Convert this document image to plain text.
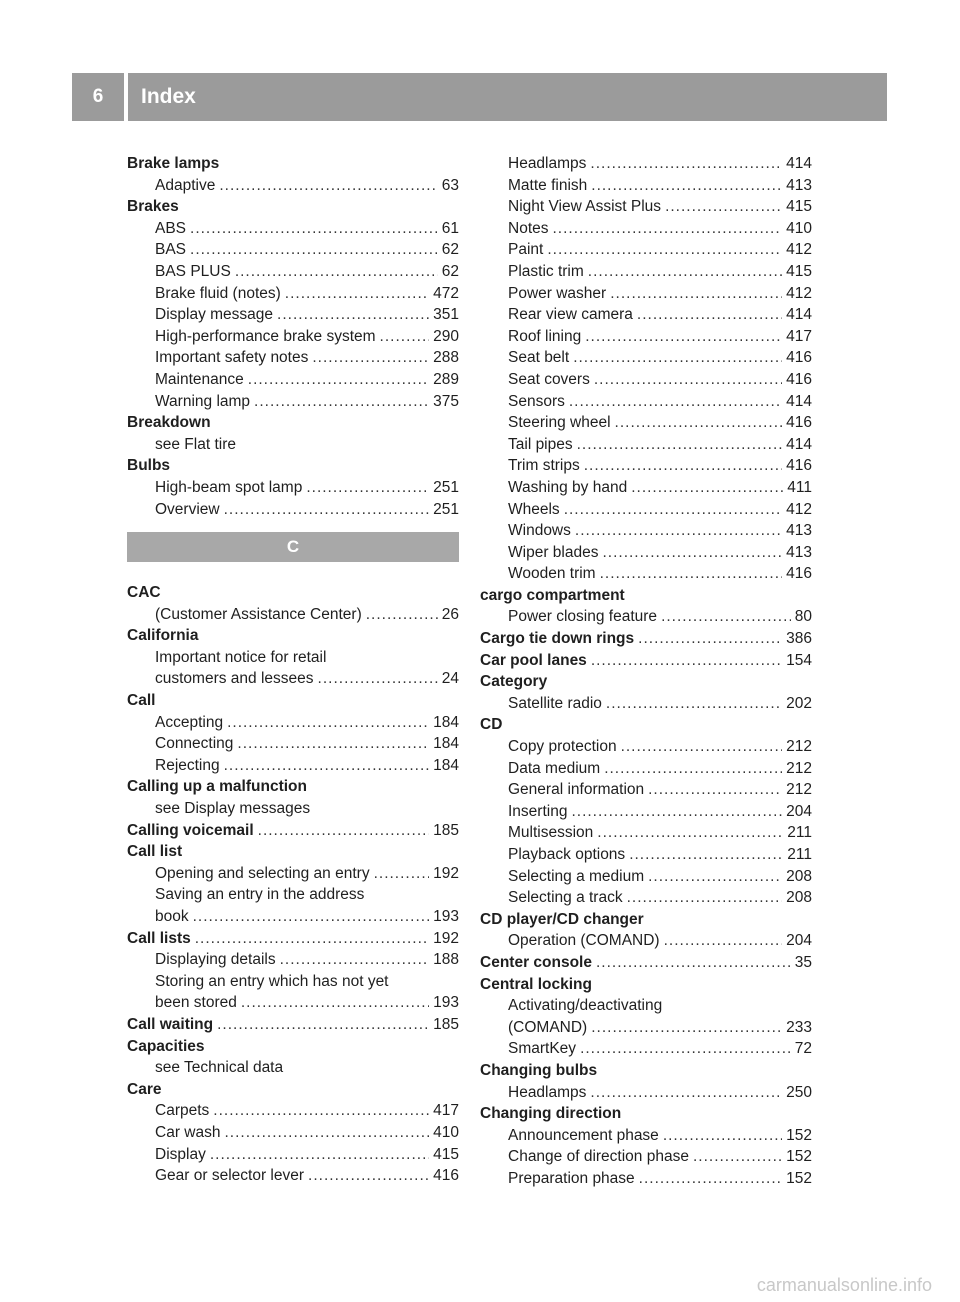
6	Index
Brake lamps
Adaptive .....	63
Brakes
ABS .....	61
BAS .....	62
BAS PLUS .....	62
Brake fluid (notes) .....	472
Display message .....	351
High-performance brake system .....	290
Important safety notes .....	288
Maintenance .....	289
Warning lamp .....	375
Breakdown
see Flat tire
Bulbs
High-beam spot lamp .....	251
Overview .....	251
C
CAC
(Customer Assistance Center) .....	26
California
Important notice for retail
customers and lessees .....	24
Call
Accepting .....	184
Connecting .....	184
Rejecting .....	184
Calling up a malfunction
see Display messages
Calling voicemail .....	185
Call list
Opening and selecting an entry .....	192
Saving an entry in the address
book .....	193
Call lists .....	192
Displaying details .....	188
Storing an entry which has not yet
been stored .....	193
Call waiting .....	185
Capacities
see Technical data
Care
Carpets .....	417
Car wash .....	410
Display .....	415
Gear or selector lever .....	416
Headlamps .....	414
Matte finish .....	413
Night View Assist Plus .....	415
Notes .....	410
Paint .....	412
Plastic trim .....	415
Power washer .....	412
Rear view camera .....	414
Roof lining .....	417
Seat belt .....	416
Seat covers .....	416
Sensors .....	414
Steering wheel .....	416
Tail pipes .....	414
Trim strips .....	416
Washing by hand .....	411
Wheels .....	412
Windows .....	413
Wiper blades .....	413
Wooden trim .....	416
cargo compartment
Power closing feature .....	80
Cargo tie down rings .....	386
Car pool lanes .....	154
Category
Satellite radio .....	202
CD
Copy protection .....	212
Data medium .....	212
General information .....	212
Inserting .....	204
Multisession .....	211
Playback options .....	211
Selecting a medium .....	208
Selecting a track .....	208
CD player/CD changer
Operation (COMAND) .....	204
Center console .....	35
Central locking
Activating/deactivating
(COMAND) .....	233
SmartKey .....	72
Changing bulbs
Headlamps .....	250
Changing direction
Announcement phase .....	152
Change of direction phase .....	152
Preparation phase .....	152
carmanualsonline.info
